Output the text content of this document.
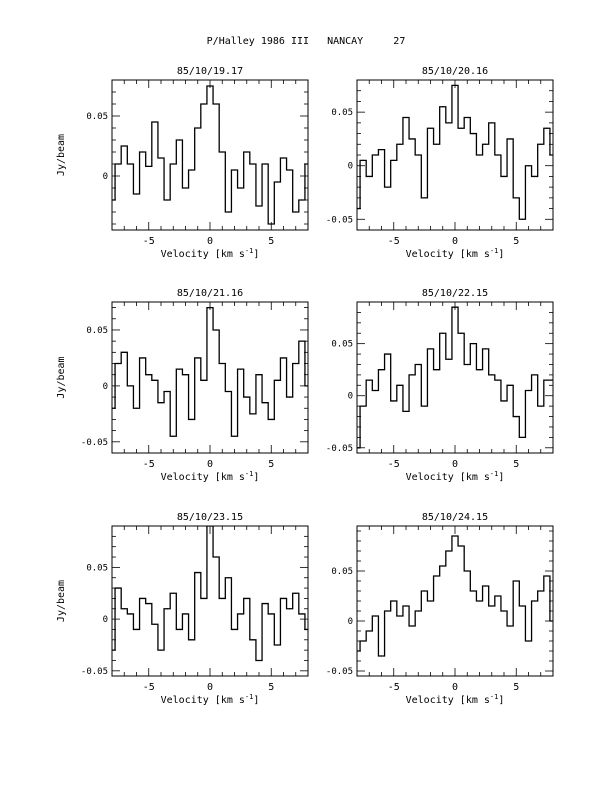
P/Halley 1986 III   NANCAY     27
85/10/19.17
-5	0	5
0
0.05
Velocity [km $s^{-1}$]
Jy/beam
85/10/20.16
-5	0	5
-0.05
0
0.05
Velocity [km $s^{-1}$]
85/10/21.16
-5	0	5
-0.05
0
0.05
Velocity [km $s^{-1}$]
Jy/beam
85/10/22.15
-5	0	5
-0.05
0
0.05
Velocity [km $s^{-1}$]
85/10/23.15
-5	0	5
-0.05
0
0.05
Velocity [km $s^{-1}$]
Jy/beam
85/10/24.15
-5	0	5
-0.05
0
0.05
Velocity [km $s^{-1}$]
